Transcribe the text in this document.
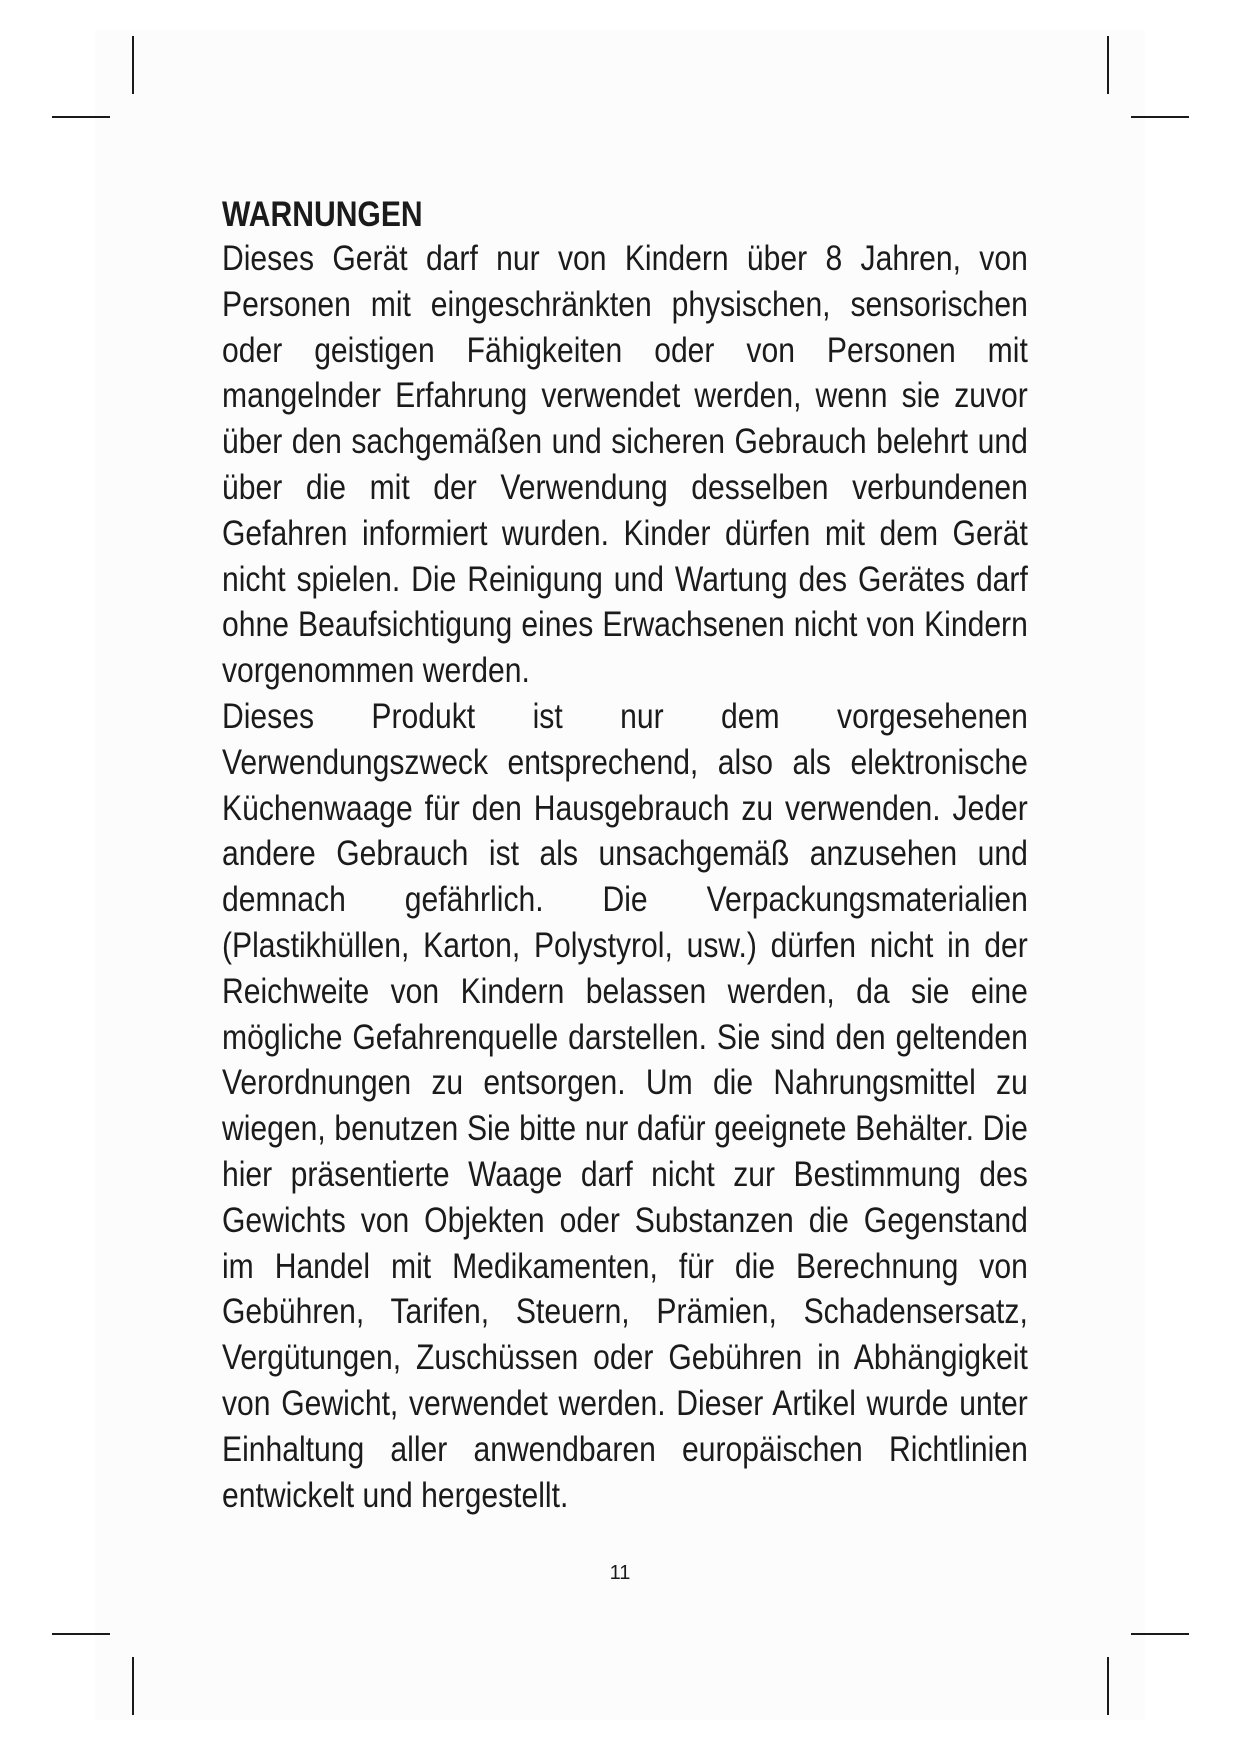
WARNUNGEN

Dieses Gerät darf nur von Kindern über 8 Jahren, von Personen mit eingeschränkten physischen, sensorischen oder geistigen Fähigkeiten oder von Personen mit mangelnder Erfahrung verwendet werden, wenn sie zuvor über den sachgemäßen und sicheren Gebrauch belehrt und über die mit der Verwendung desselben verbundenen Gefahren informiert wurden. Kinder dürfen mit dem Gerät nicht spielen. Die Reinigung und Wartung des Gerätes darf ohne Beaufsichtigung eines Erwachsenen nicht von Kindern vorgenommen werden.

Dieses Produkt ist nur dem vorgesehenen Verwendungszweck entsprechend, also als elektronische Küchenwaage für den Hausgebrauch zu verwenden. Jeder andere Gebrauch ist als unsachgemäß anzusehen und demnach gefährlich. Die Verpackungsmaterialien (Plastikhüllen, Karton, Polystyrol, usw.) dürfen nicht in der Reichweite von Kindern belassen werden, da sie eine mögliche Gefahrenquelle darstellen. Sie sind den geltenden Verordnungen zu entsorgen. Um die Nahrungsmittel zu wiegen, benutzen Sie bitte nur dafür geeignete Behälter. Die hier präsentierte Waage darf nicht zur Bestimmung des Gewichts von Objekten oder Substanzen die Gegenstand im Handel mit Medikamenten, für die Berechnung von Gebühren, Tarifen, Steuern, Prämien, Schadensersatz, Vergütungen, Zuschüssen oder Gebühren in Abhängigkeit von Gewicht, verwendet werden. Dieser Artikel wurde unter Einhaltung aller anwendbaren europäischen Richtlinien entwickelt und hergestellt.

11
